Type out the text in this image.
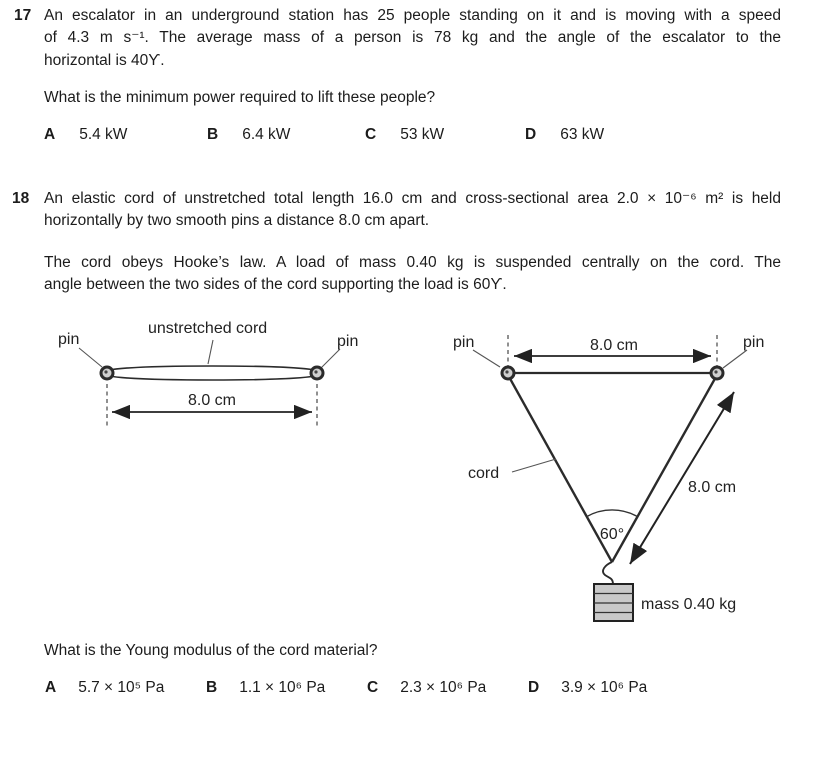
17 An escalator in an underground station has 25 people standing on it and is moving with a speed
of 4.3 m s⁻¹. The average mass of a person is 78 kg and the angle of the escalator to the
horizontal is 40ϒ.
What is the minimum power required to lift these people?
A 5.4 kW	B 6.4 kW	C 53 kW	D 63 kW
18 An elastic cord of unstretched total length 16.0 cm and cross-sectional area 2.0 × 10⁻⁶ m² is held
horizontally by two smooth pins a distance 8.0 cm apart.
The cord obeys Hooke’s law. A load of mass 0.40 kg is suspended centrally on the cord. The
angle between the two sides of the cord supporting the load is 60ϒ.
unstretched cord
pin	pin
8.0 cm
8.0 cm
pin	pin
cord
60°
8.0 cm
mass 0.40 kg
What is the Young modulus of the cord material?
A 5.7 × 10⁵ Pa	B 1.1 × 10⁶ Pa	C 2.3 × 10⁶ Pa	D 3.9 × 10⁶ Pa
